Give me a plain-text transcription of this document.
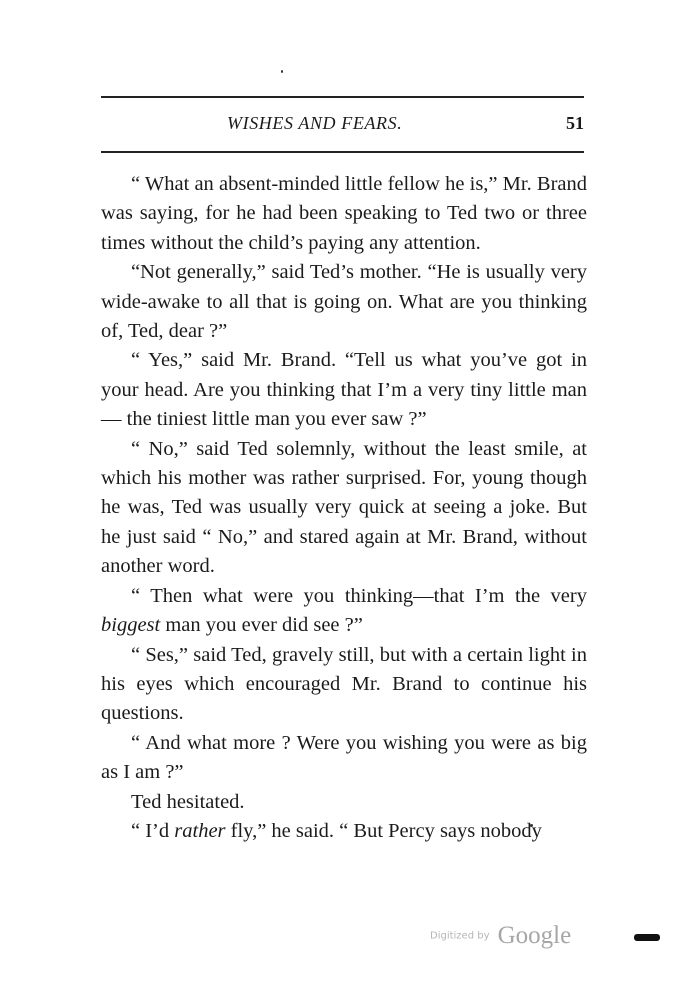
WISHES AND FEARS.	51

“ What an absent-minded little fellow he is,” Mr. Brand was saying, for he had been speaking to Ted two or three times without the child’s paying any attention.

“Not generally,” said Ted’s mother. “He is usually very wide-awake to all that is going on. What are you thinking of, Ted, dear ?”

“ Yes,” said Mr. Brand. “Tell us what you’ve got in your head. Are you thinking that I’m a very tiny little man — the tiniest little man you ever saw ?”

“ No,” said Ted solemnly, without the least smile, at which his mother was rather surprised. For, young though he was, Ted was usually very quick at seeing a joke. But he just said “ No,” and stared again at Mr. Brand, without another word.

“ Then what were you thinking—that I’m the very biggest man you ever did see ?”

“ Ses,” said Ted, gravely still, but with a certain light in his eyes which encouraged Mr. Brand to continue his questions.

“ And what more ? Were you wishing you were as big as I am ?”

Ted hesitated.

“ I’d rather fly,” he said. “ But Percy says nobody

Digitized by Google
